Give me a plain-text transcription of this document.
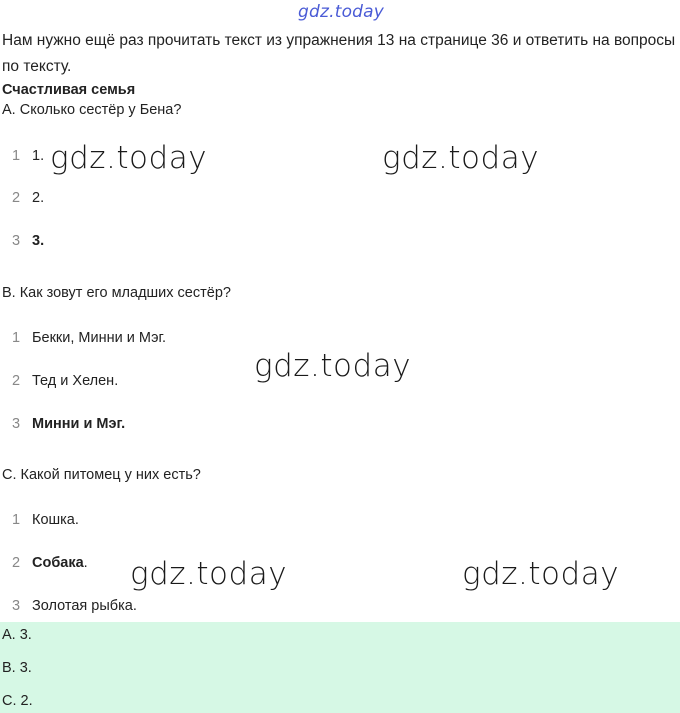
gdz.today
Нам нужно ещё раз прочитать текст из упражнения 13 на странице 36 и ответить на вопросы по тексту.
Счастливая семья
A. Сколько сестёр у Бена?
1 1.
2 2.
3 3.
B. Как зовут его младших сестёр?
1 Бекки, Минни и Мэг.
2 Тед и Хелен.
3 Минни и Мэг.
C. Какой питомец у них есть?
1 Кошка.
2 Собака.
3 Золотая рыбка.
A. 3.
B. 3.
C. 2.
gdz.today	gdz.today
gdz.today
gdz.today	gdz.today
